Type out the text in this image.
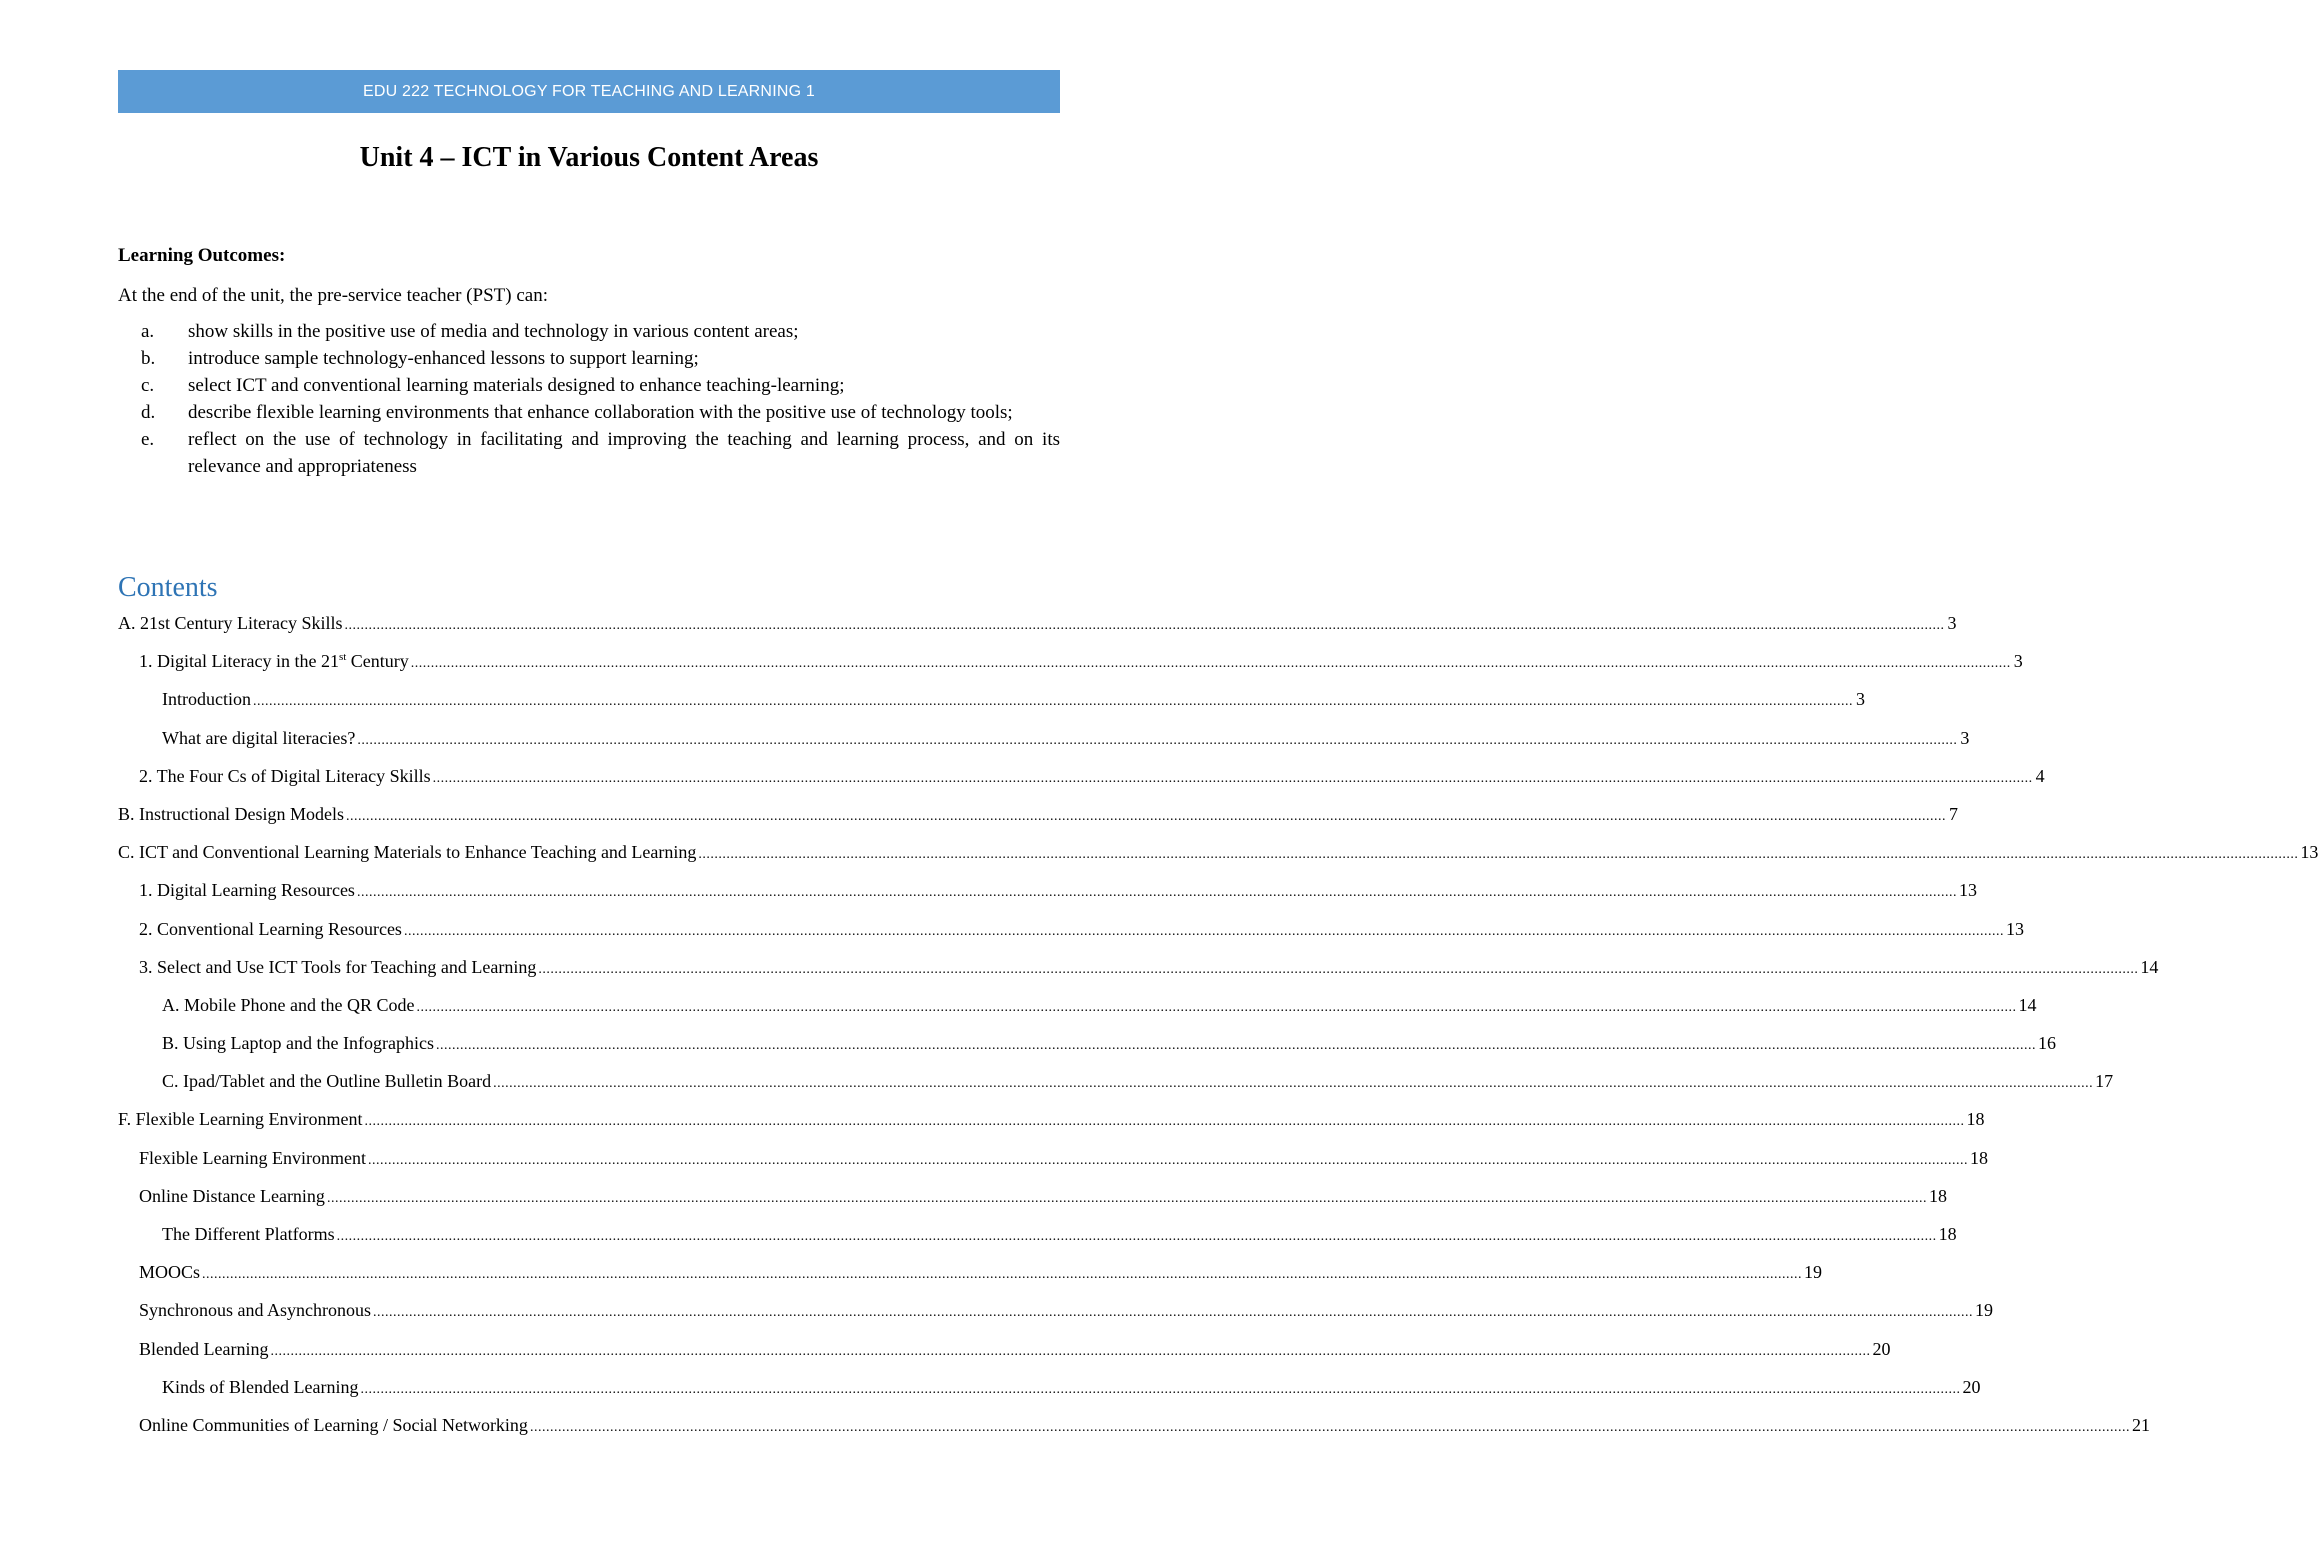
EDU 222 TECHNOLOGY FOR TEACHING AND LEARNING 1
Unit 4 – ICT in Various Content Areas
Learning Outcomes:
At the end of the unit, the pre-service teacher (PST) can:
a.	show skills in the positive use of media and technology in various content areas;
b.	introduce sample technology-enhanced lessons to support learning;
c.	select ICT and conventional learning materials designed to enhance teaching-learning;
d.	describe flexible learning environments that enhance collaboration with the positive use of technology tools;
e.	reflect on the use of technology in facilitating and improving the teaching and learning process, and on its relevance and appropriateness
Contents
A. 21st Century Literacy Skills ................................................................................................................................................................................................................................................................................................................................................................................................................ 3
1. Digital Literacy in the 21st Century ................................................................................................................................................................................................................................................................................................................................................................................................................ 3
Introduction ................................................................................................................................................................................................................................................................................................................................................................................................................ 3
What are digital literacies? ................................................................................................................................................................................................................................................................................................................................................................................................................ 3
2. The Four Cs of Digital Literacy Skills ................................................................................................................................................................................................................................................................................................................................................................................................................ 4
B. Instructional Design Models ................................................................................................................................................................................................................................................................................................................................................................................................................ 7
C. ICT and Conventional Learning Materials to Enhance Teaching and Learning ................................................................................................................................................................................................................................................................................................................................................................................................................ 13
1. Digital Learning Resources ................................................................................................................................................................................................................................................................................................................................................................................................................ 13
2. Conventional Learning Resources ................................................................................................................................................................................................................................................................................................................................................................................................................ 13
3. Select and Use ICT Tools for Teaching and Learning ................................................................................................................................................................................................................................................................................................................................................................................................................ 14
A. Mobile Phone and the QR Code ................................................................................................................................................................................................................................................................................................................................................................................................................ 14
B. Using Laptop and the Infographics ................................................................................................................................................................................................................................................................................................................................................................................................................ 16
C. Ipad/Tablet and the Outline Bulletin Board ................................................................................................................................................................................................................................................................................................................................................................................................................ 17
F. Flexible Learning Environment ................................................................................................................................................................................................................................................................................................................................................................................................................ 18
Flexible Learning Environment ................................................................................................................................................................................................................................................................................................................................................................................................................ 18
Online Distance Learning ................................................................................................................................................................................................................................................................................................................................................................................................................ 18
The Different Platforms ................................................................................................................................................................................................................................................................................................................................................................................................................ 18
MOOCs ................................................................................................................................................................................................................................................................................................................................................................................................................ 19
Synchronous and Asynchronous ................................................................................................................................................................................................................................................................................................................................................................................................................ 19
Blended Learning ................................................................................................................................................................................................................................................................................................................................................................................................................ 20
Kinds of Blended Learning ................................................................................................................................................................................................................................................................................................................................................................................................................ 20
Online Communities of Learning / Social Networking ................................................................................................................................................................................................................................................................................................................................................................................................................ 21
